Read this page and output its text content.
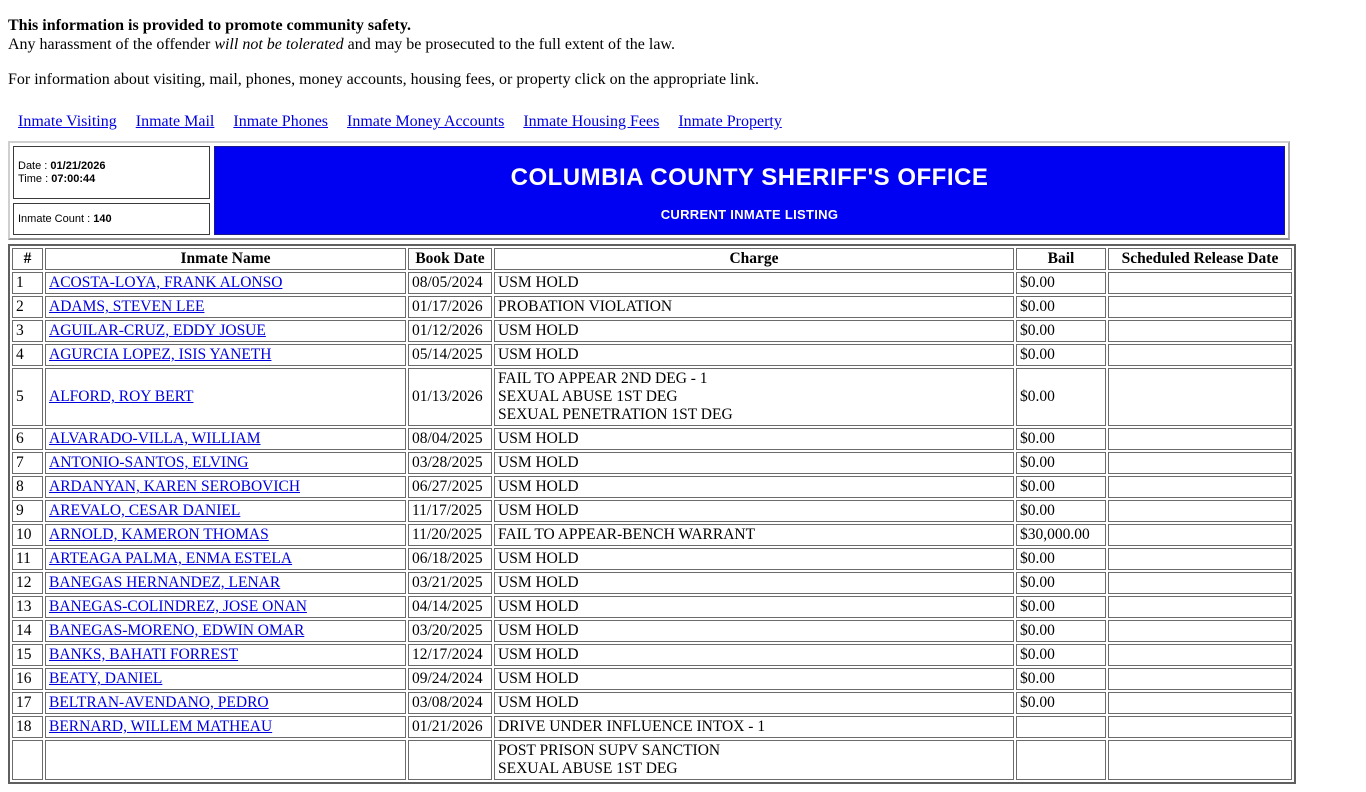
This information is provided to promote community safety.
Any harassment of the offender will not be tolerated and may be prosecuted to the full extent of the law.
For information about visiting, mail, phones, money accounts, housing fees, or property click on the appropriate link.
Inmate Visiting Inmate Mail Inmate Phones Inmate Money Accounts Inmate Housing Fees Inmate Property
Date : 01/21/2026
Time : 07:00:44
Inmate Count : 140
COLUMBIA COUNTY SHERIFF'S OFFICE
CURRENT INMATE LISTING
#	Inmate Name	Book Date	Charge	Bail	Scheduled Release Date
1	ACOSTA-LOYA, FRANK ALONSO	08/05/2024	USM HOLD	$0.00	
2	ADAMS, STEVEN LEE	01/17/2026	PROBATION VIOLATION	$0.00	
3	AGUILAR-CRUZ, EDDY JOSUE	01/12/2026	USM HOLD	$0.00	
4	AGURCIA LOPEZ, ISIS YANETH	05/14/2025	USM HOLD	$0.00	
5	ALFORD, ROY BERT	01/13/2026	FAIL TO APPEAR 2ND DEG - 1
SEXUAL ABUSE 1ST DEG
SEXUAL PENETRATION 1ST DEG	$0.00	
6	ALVARADO-VILLA, WILLIAM	08/04/2025	USM HOLD	$0.00	
7	ANTONIO-SANTOS, ELVING	03/28/2025	USM HOLD	$0.00	
8	ARDANYAN, KAREN SEROBOVICH	06/27/2025	USM HOLD	$0.00	
9	AREVALO, CESAR DANIEL	11/17/2025	USM HOLD	$0.00	
10	ARNOLD, KAMERON THOMAS	11/20/2025	FAIL TO APPEAR-BENCH WARRANT	$30,000.00	
11	ARTEAGA PALMA, ENMA ESTELA	06/18/2025	USM HOLD	$0.00	
12	BANEGAS HERNANDEZ, LENAR	03/21/2025	USM HOLD	$0.00	
13	BANEGAS-COLINDREZ, JOSE ONAN	04/14/2025	USM HOLD	$0.00	
14	BANEGAS-MORENO, EDWIN OMAR	03/20/2025	USM HOLD	$0.00	
15	BANKS, BAHATI FORREST	12/17/2024	USM HOLD	$0.00	
16	BEATY, DANIEL	09/24/2024	USM HOLD	$0.00	
17	BELTRAN-AVENDANO, PEDRO	03/08/2024	USM HOLD	$0.00	
18	BERNARD, WILLEM MATHEAU	01/21/2026	DRIVE UNDER INFLUENCE INTOX - 1		

			POST PRISON SUPV SANCTION
SEXUAL ABUSE 1ST DEG		
